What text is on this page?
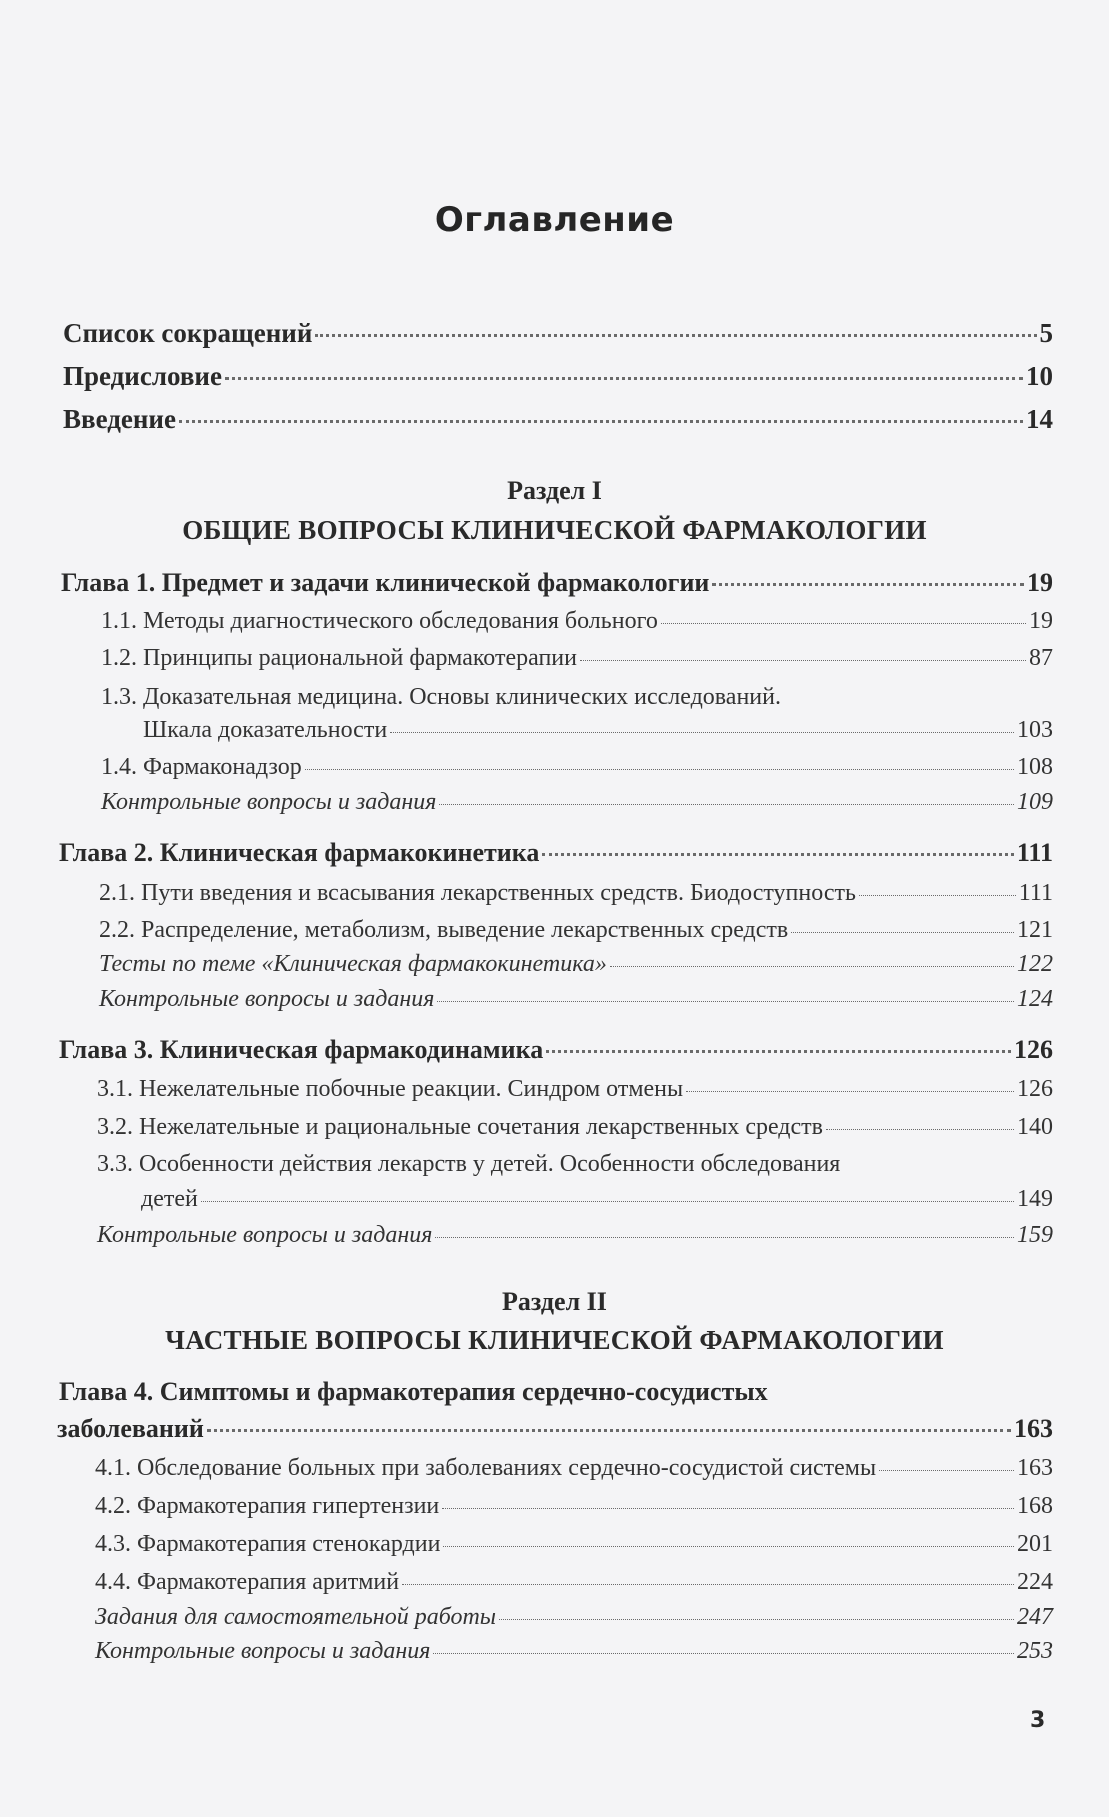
Оглавление
Список сокращений	5
Предисловие	10
Введение	14
Раздел I
ОБЩИЕ ВОПРОСЫ КЛИНИЧЕСКОЙ ФАРМАКОЛОГИИ
Глава 1. Предмет и задачи клинической фармакологии	19
1.1. Методы диагностического обследования больного	19
1.2. Принципы рациональной фармакотерапии	87
1.3. Доказательная медицина. Основы клинических исследований.
Шкала доказательности	103
1.4. Фармаконадзор	108
Контрольные вопросы и задания	109
Глава 2. Клиническая фармакокинетика	111
2.1. Пути введения и всасывания лекарственных средств. Биодоступность	111
2.2. Распределение, метаболизм, выведение лекарственных средств	121
Тесты по теме «Клиническая фармакокинетика»	122
Контрольные вопросы и задания	124
Глава 3. Клиническая фармакодинамика	126
3.1. Нежелательные побочные реакции. Синдром отмены	126
3.2. Нежелательные и рациональные сочетания лекарственных средств	140
3.3. Особенности действия лекарств у детей. Особенности обследования
детей	149
Контрольные вопросы и задания	159
Раздел II
ЧАСТНЫЕ ВОПРОСЫ КЛИНИЧЕСКОЙ ФАРМАКОЛОГИИ
Глава 4. Симптомы и фармакотерапия сердечно-сосудистых
заболеваний	163
4.1. Обследование больных при заболеваниях сердечно-сосудистой системы	163
4.2. Фармакотерапия гипертензии	168
4.3. Фармакотерапия стенокардии	201
4.4. Фармакотерапия аритмий	224
Задания для самостоятельной работы	247
Контрольные вопросы и задания	253
3
